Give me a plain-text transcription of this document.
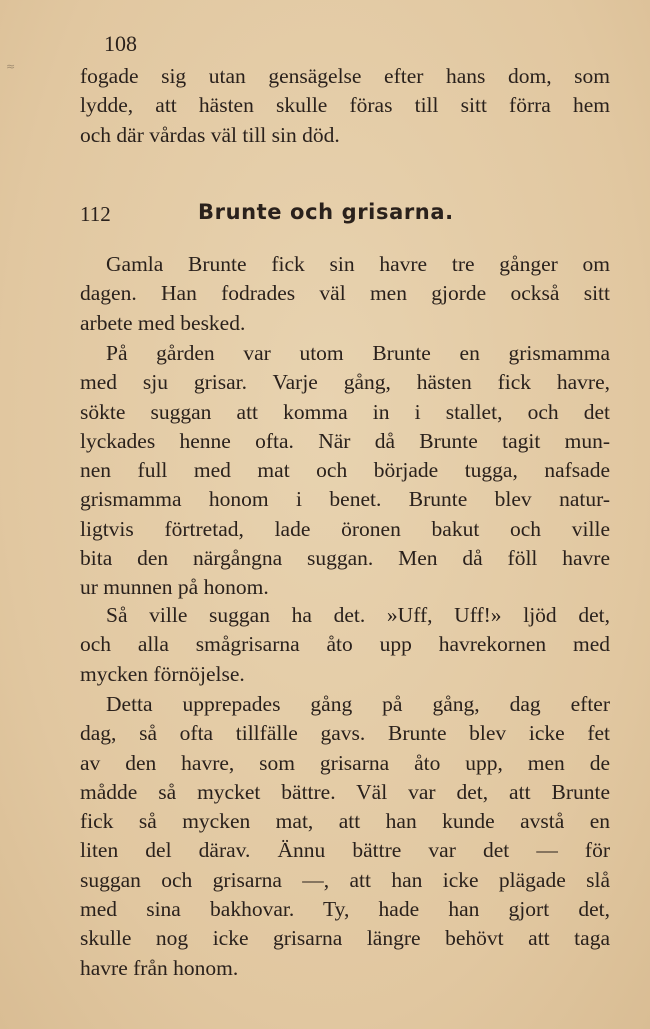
≈
108
fogade sig utan gensägelse efter hans dom, som
lydde, att hästen skulle föras till sitt förra hem
och där vårdas väl till sin död.
112	Brunte och grisarna.
Gamla Brunte fick sin havre tre gånger om
dagen. Han fodrades väl men gjorde också sitt
arbete med besked.
På gården var utom Brunte en grismamma
med sju grisar. Varje gång, hästen fick havre,
sökte suggan att komma in i stallet, och det
lyckades henne ofta. När då Brunte tagit mun-
nen full med mat och började tugga, nafsade
grismamma honom i benet. Brunte blev natur-
ligtvis förtretad, lade öronen bakut och ville
bita den närgångna suggan. Men då föll havre
ur munnen på honom.
Så ville suggan ha det. »Uff, Uff!» ljöd det,
och alla smågrisarna åto upp havrekornen med
mycken förnöjelse.
Detta upprepades gång på gång, dag efter
dag, så ofta tillfälle gavs. Brunte blev icke fet
av den havre, som grisarna åto upp, men de
mådde så mycket bättre. Väl var det, att Brunte
fick så mycken mat, att han kunde avstå en
liten del därav. Ännu bättre var det — för
suggan och grisarna —, att han icke plägade slå
med sina bakhovar. Ty, hade han gjort det,
skulle nog icke grisarna längre behövt att taga
havre från honom.
